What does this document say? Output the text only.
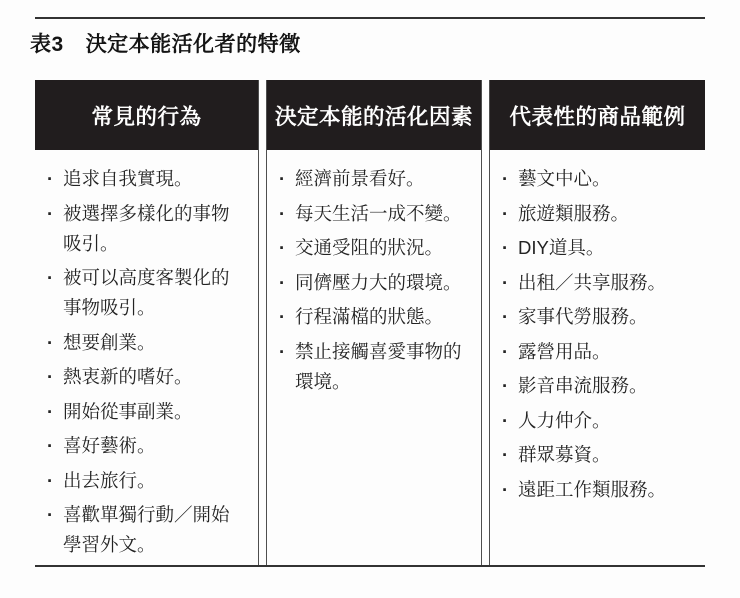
表3 決定本能活化者的特徵
常見的行為
· 追求自我實現。
· 被選擇多樣化的事物吸引。
· 被可以高度客製化的事物吸引。
· 想要創業。
· 熱衷新的嗜好。
· 開始從事副業。
· 喜好藝術。
· 出去旅行。
· 喜歡單獨行動／開始學習外文。
決定本能的活化因素
· 經濟前景看好。
· 每天生活一成不變。
· 交通受阻的狀況。
· 同儕壓力大的環境。
· 行程滿檔的狀態。
· 禁止接觸喜愛事物的環境。
代表性的商品範例
· 藝文中心。
· 旅遊類服務。
· DIY道具。
· 出租／共享服務。
· 家事代勞服務。
· 露營用品。
· 影音串流服務。
· 人力仲介。
· 群眾募資。
· 遠距工作類服務。
